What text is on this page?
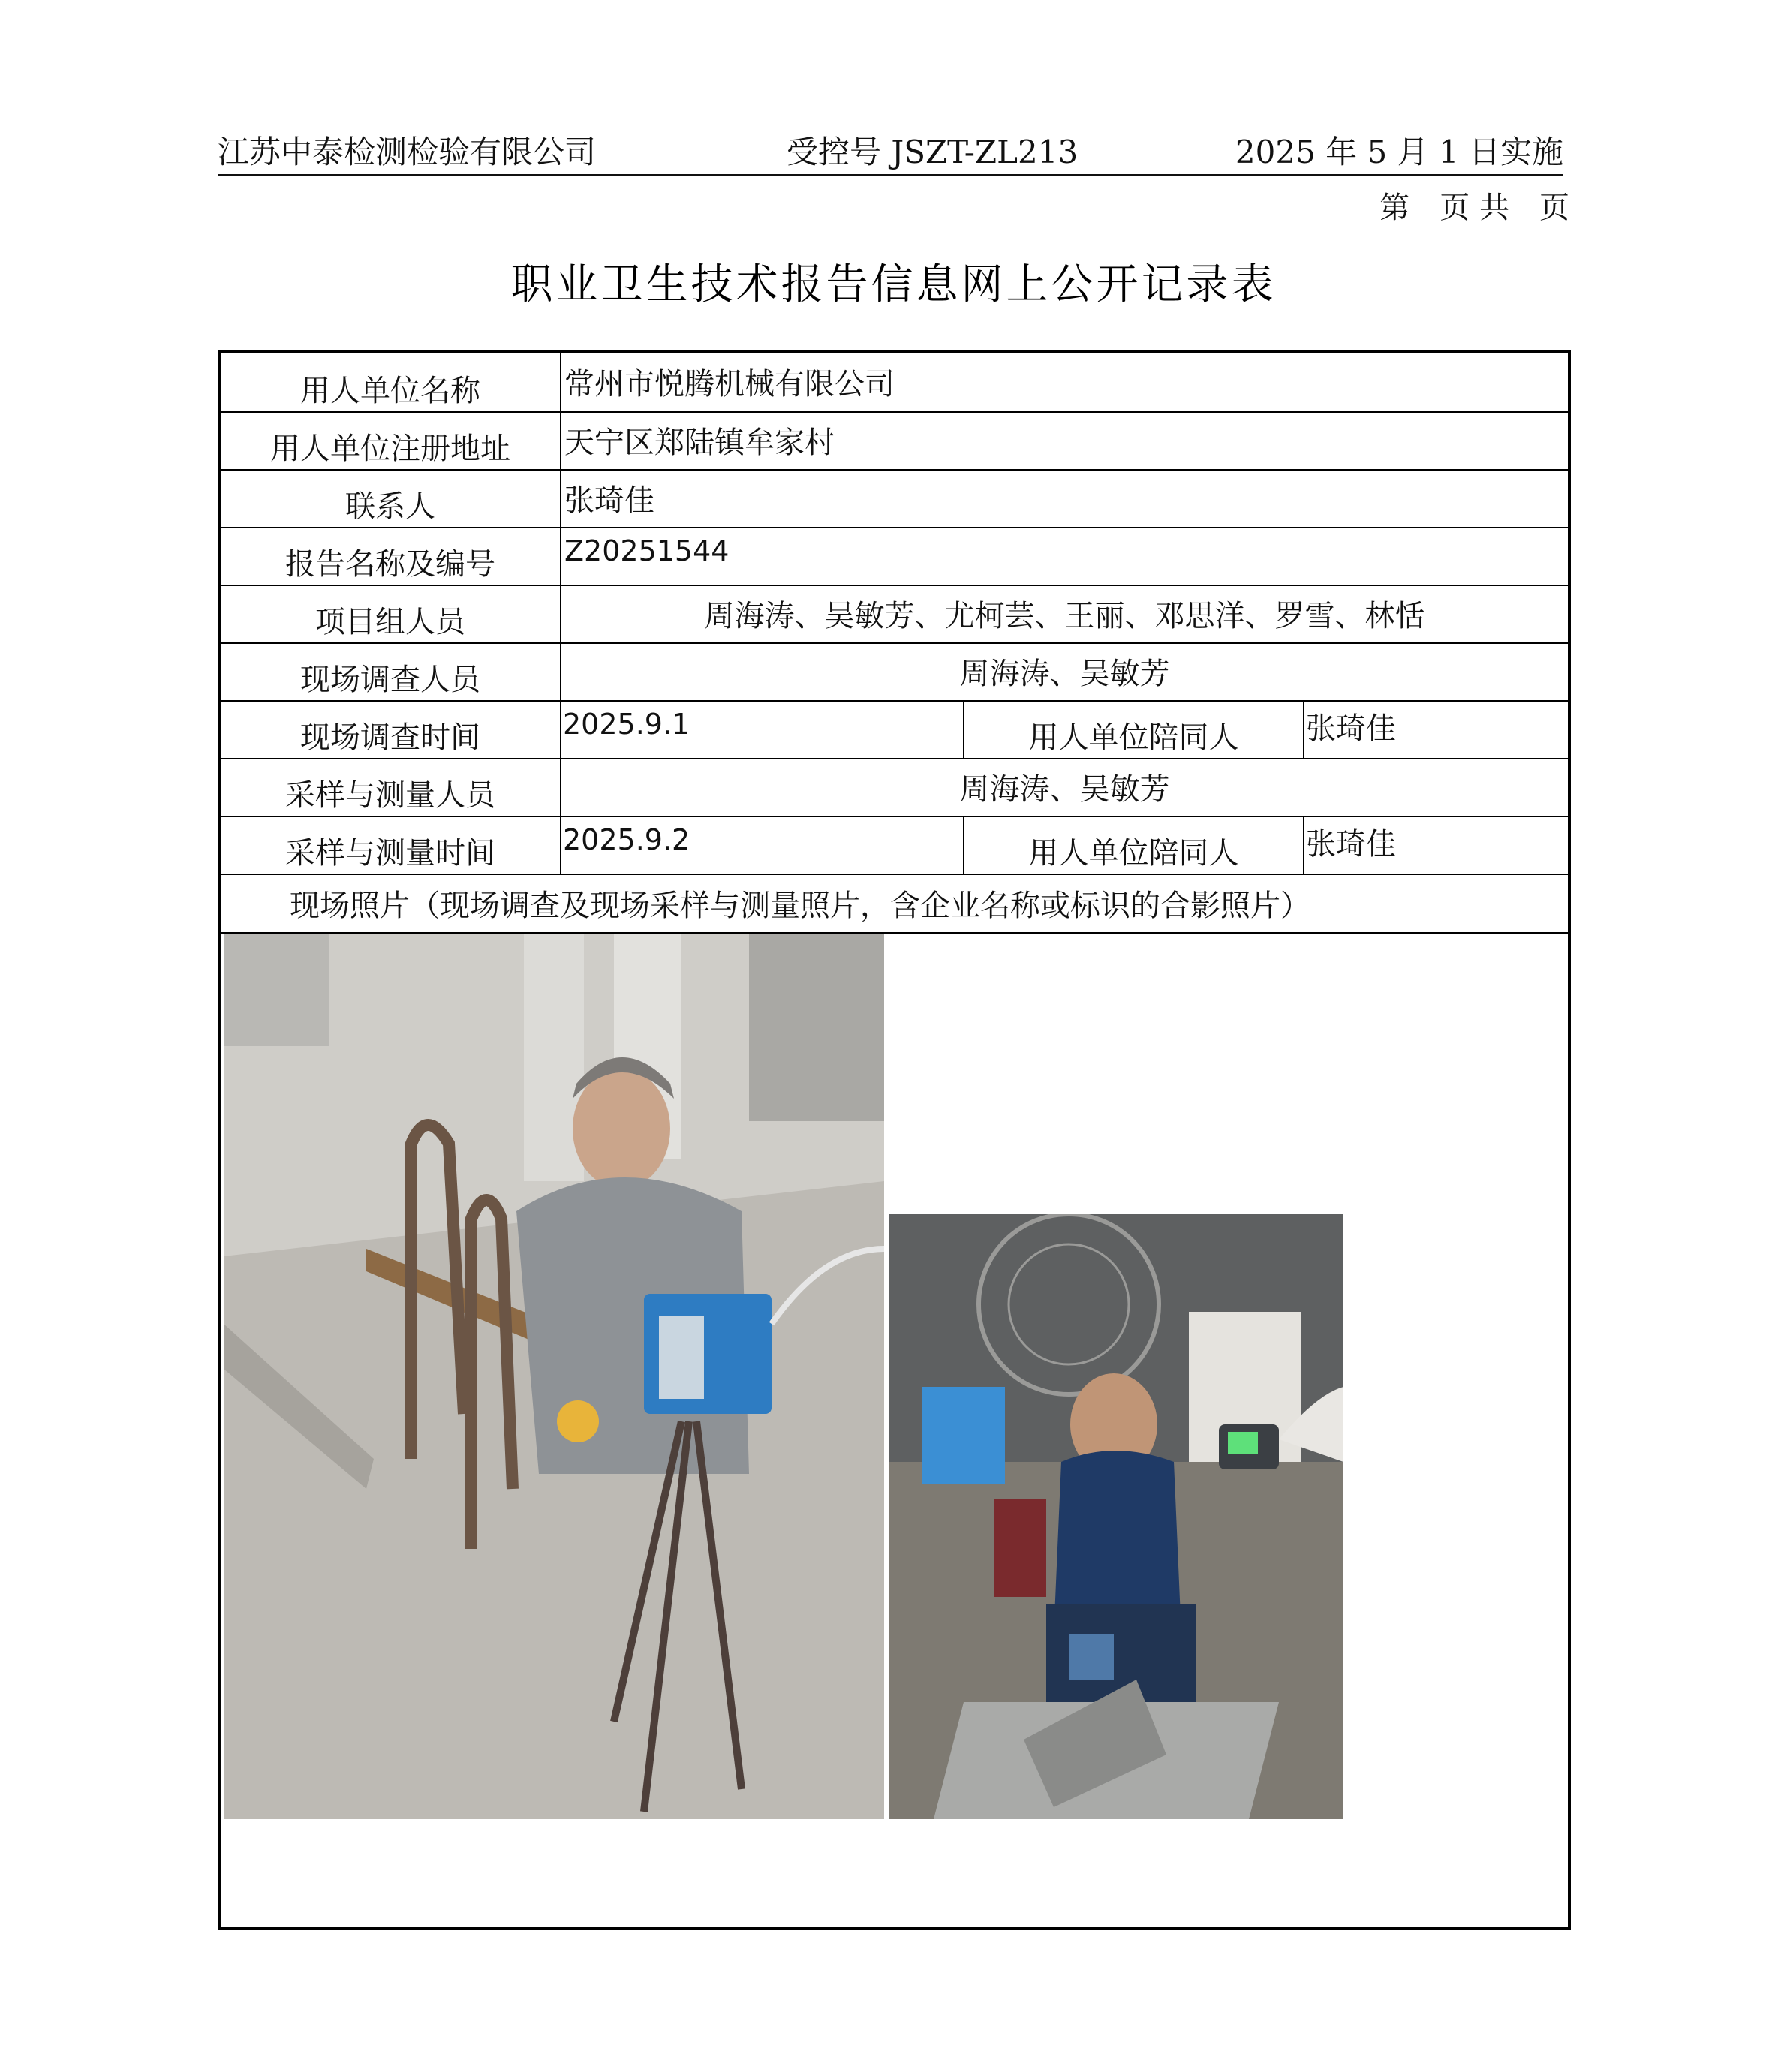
江苏中泰检测检验有限公司	受控号 JSZT-ZL213	2025 年 5 月 1 日实施
第　页 共　页
职业卫生技术报告信息网上公开记录表
用人单位名称	常州市悦腾机械有限公司
用人单位注册地址	天宁区郑陆镇牟家村
联系人	张琦佳
报告名称及编号	Z20251544
项目组人员	周海涛、吴敏芳、尤柯芸、王丽、邓思洋、罗雪、林恬
现场调查人员	周海涛、吴敏芳
现场调查时间	2025.9.1	用人单位陪同人	张琦佳
采样与测量人员	周海涛、吴敏芳
采样与测量时间	2025.9.2	用人单位陪同人	张琦佳
现场照片（现场调查及现场采样与测量照片，含企业名称或标识的合影照片）
